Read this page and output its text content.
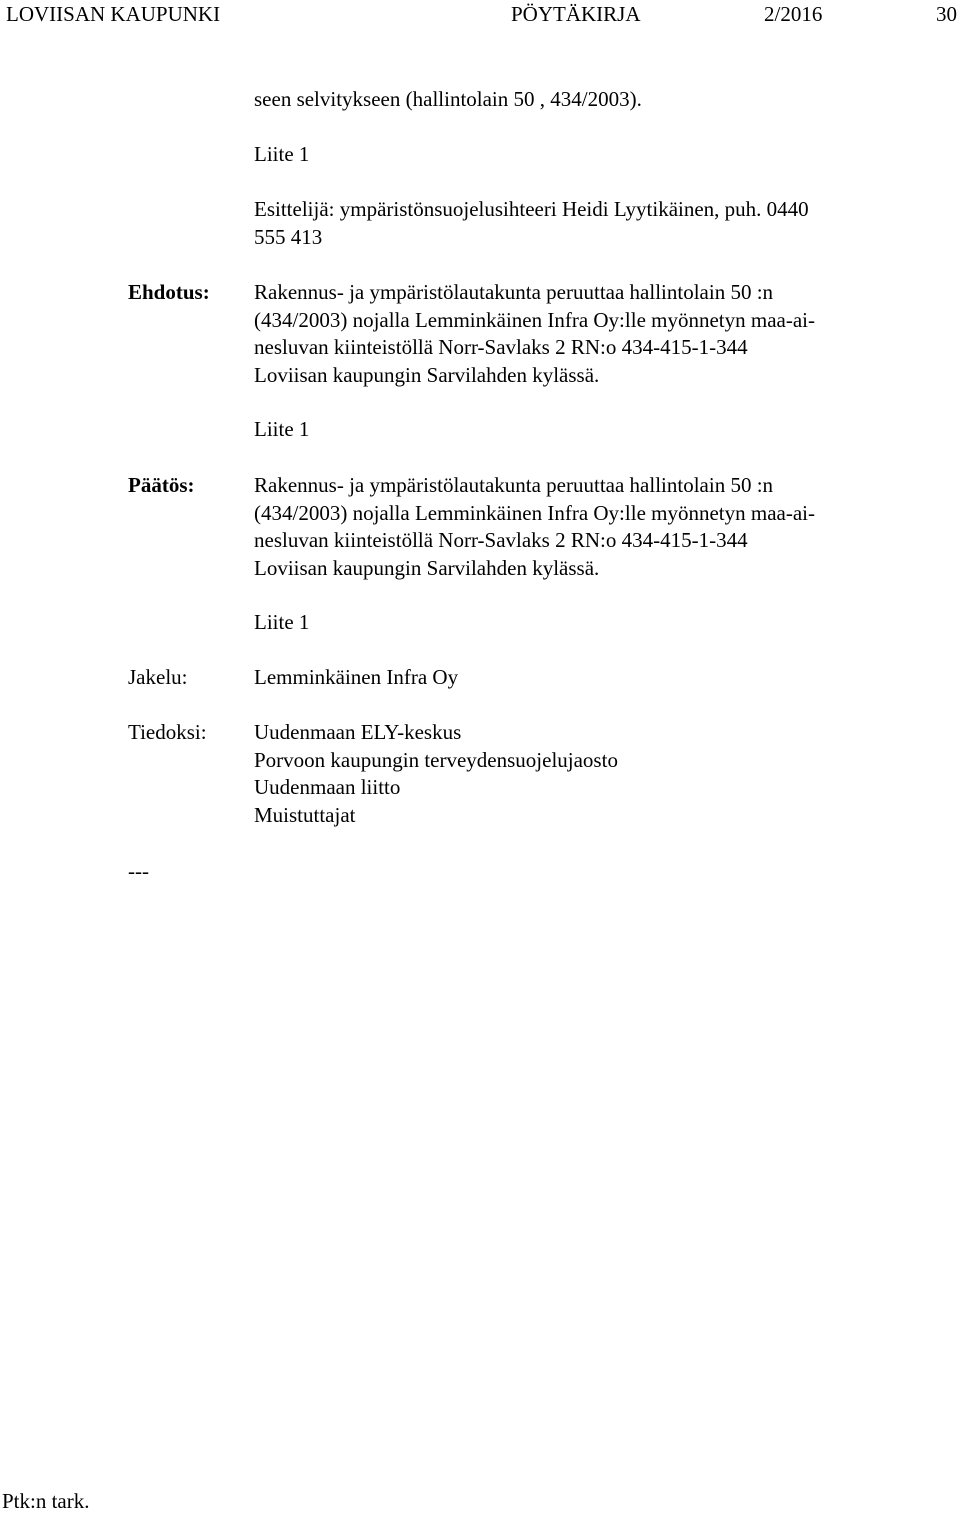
LOVIISAN KAUPUNKI	PÖYTÄKIRJA	2/2016	30
seen selvitykseen (hallintolain 50 , 434/2003).
Liite 1
Esittelijä: ympäristönsuojelusihteeri Heidi Lyytikäinen, puh. 0440
555 413
Ehdotus: Rakennus- ja ympäristölautakunta peruuttaa hallintolain 50 :n
(434/2003) nojalla Lemminkäinen Infra Oy:lle myönnetyn maa-ai-
nesluvan kiinteistöllä Norr-Savlaks 2 RN:o 434-415-1-344
Loviisan kaupungin Sarvilahden kylässä.
Liite 1
Päätös:	Rakennus- ja ympäristölautakunta peruuttaa hallintolain 50 :n
(434/2003) nojalla Lemminkäinen Infra Oy:lle myönnetyn maa-ai-
nesluvan kiinteistöllä Norr-Savlaks 2 RN:o 434-415-1-344
Loviisan kaupungin Sarvilahden kylässä.
Liite 1
Jakelu:	Lemminkäinen Infra Oy
Tiedoksi: Uudenmaan ELY-keskus
Porvoon kaupungin terveydensuojelujaosto
Uudenmaan liitto
Muistuttajat
---
Ptk:n tark.
